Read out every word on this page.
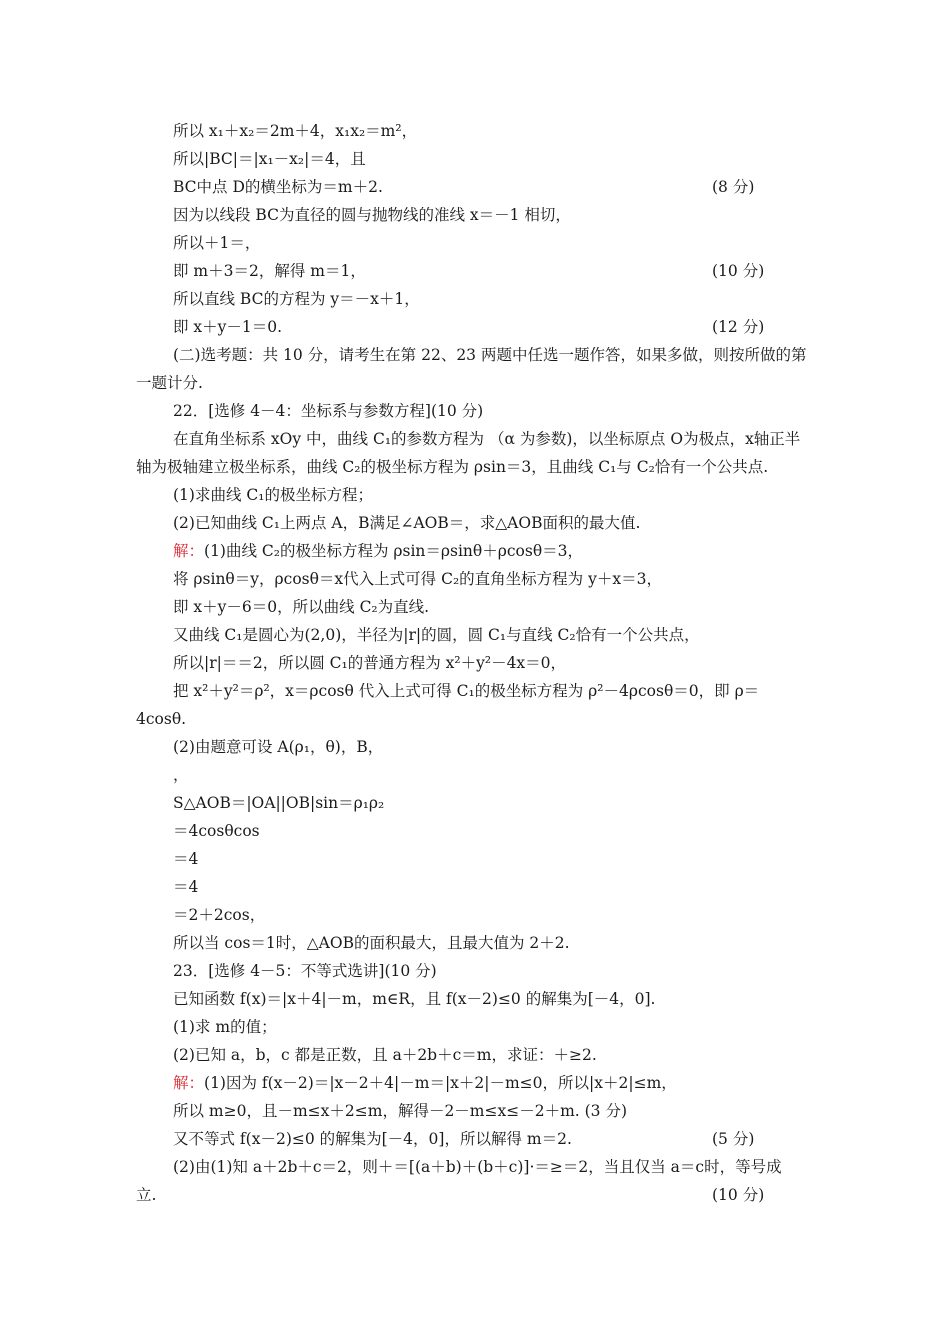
所以 x₁＋x₂＝2m＋4，x₁x₂＝m²，
所以|BC|＝|x₁－x₂|＝4，且
BC中点 D的横坐标为＝m＋2.	(8 分)
因为以线段 BC为直径的圆与抛物线的准线 x＝－1 相切，
所以＋1＝，
即 m＋3＝2，解得 m＝1，	(10 分)
所以直线 BC的方程为 y＝－x＋1，
即 x＋y－1＝0.	(12 分)
(二)选考题：共 10 分，请考生在第 22、23 两题中任选一题作答，如果多做，则按所做的第
一题计分.
22．[选修 4－4：坐标系与参数方程](10 分)
在直角坐标系 xOy 中，曲线 C₁的参数方程为 （α 为参数)，以坐标原点 O为极点，x轴正半
轴为极轴建立极坐标系，曲线 C₂的极坐标方程为 ρsin＝3，且曲线 C₁与 C₂恰有一个公共点.
(1)求曲线 C₁的极坐标方程；
(2)已知曲线 C₁上两点 A，B满足∠AOB＝，求△AOB面积的最大值.
解：(1)曲线 C₂的极坐标方程为 ρsin＝ρsinθ＋ρcosθ＝3，
将 ρsinθ＝y，ρcosθ＝x代入上式可得 C₂的直角坐标方程为 y＋x＝3，
即 x＋y－6＝0，所以曲线 C₂为直线.
又曲线 C₁是圆心为(2,0)，半径为|r|的圆，圆 C₁与直线 C₂恰有一个公共点，
所以|r|＝＝2，所以圆 C₁的普通方程为 x²＋y²－4x＝0，
把 x²＋y²＝ρ²，x＝ρcosθ 代入上式可得 C₁的极坐标方程为 ρ²－4ρcosθ＝0，即 ρ＝
4cosθ.
(2)由题意可设 A(ρ₁，θ)，B，
，
S△AOB＝|OA||OB|sin＝ρ₁ρ₂
＝4cosθcos
＝4
＝4
＝2＋2cos，
所以当 cos＝1时，△AOB的面积最大，且最大值为 2＋2.
23．[选修 4－5：不等式选讲](10 分)
已知函数 f(x)＝|x＋4|－m，m∈R，且 f(x－2)≤0 的解集为[－4，0].
(1)求 m的值；
(2)已知 a，b，c 都是正数，且 a＋2b＋c＝m，求证：＋≥2.
解：(1)因为 f(x－2)＝|x－2＋4|－m＝|x＋2|－m≤0，所以|x＋2|≤m，
所以 m≥0，且－m≤x＋2≤m，解得－2－m≤x≤－2＋m. (3 分)
又不等式 f(x－2)≤0 的解集为[－4，0]，所以解得 m＝2.	(5 分)
(2)由(1)知 a＋2b＋c＝2，则＋＝[(a＋b)＋(b＋c)]·＝≥＝2，当且仅当 a＝c时，等号成
立.	(10 分)
